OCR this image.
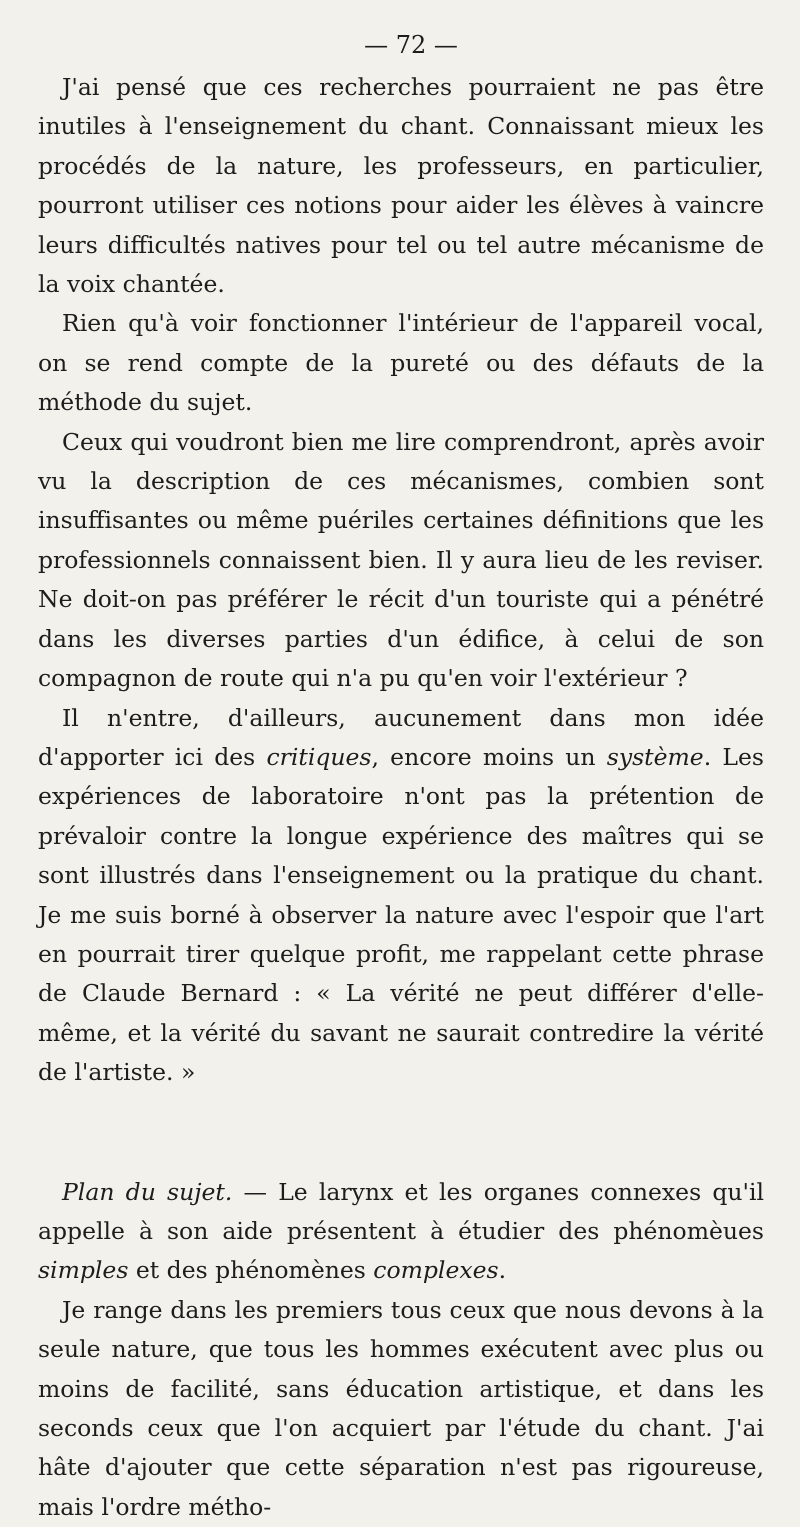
— 72 —

J'ai pensé que ces recherches pourraient ne pas être inutiles à l'enseignement du chant. Connaissant mieux les procédés de la nature, les professeurs, en particulier, pourront utiliser ces notions pour aider les élèves à vaincre leurs difficultés natives pour tel ou tel autre mécanisme de la voix chantée.

Rien qu'à voir fonctionner l'intérieur de l'appareil vocal, on se rend compte de la pureté ou des défauts de la méthode du sujet.

Ceux qui voudront bien me lire comprendront, après avoir vu la description de ces mécanismes, combien sont insuffisantes ou même puériles certaines définitions que les professionnels connaissent bien. Il y aura lieu de les reviser. Ne doit-on pas préférer le récit d'un touriste qui a pénétré dans les diverses parties d'un édifice, à celui de son compagnon de route qui n'a pu qu'en voir l'extérieur ?

Il n'entre, d'ailleurs, aucunement dans mon idée d'apporter ici des critiques, encore moins un système. Les expériences de laboratoire n'ont pas la prétention de prévaloir contre la longue expérience des maîtres qui se sont illustrés dans l'enseignement ou la pratique du chant. Je me suis borné à observer la nature avec l'espoir que l'art en pourrait tirer quelque profit, me rappelant cette phrase de Claude Bernard : « La vérité ne peut différer d'elle-même, et la vérité du savant ne saurait contredire la vérité de l'artiste. »

Plan du sujet. — Le larynx et les organes connexes qu'il appelle à son aide présentent à étudier des phénomèues simples et des phénomènes complexes.

Je range dans les premiers tous ceux que nous devons à la seule nature, que tous les hommes exécutent avec plus ou moins de facilité, sans éducation artistique, et dans les seconds ceux que l'on acquiert par l'étude du chant. J'ai hâte d'ajouter que cette séparation n'est pas rigoureuse, mais l'ordre métho-
